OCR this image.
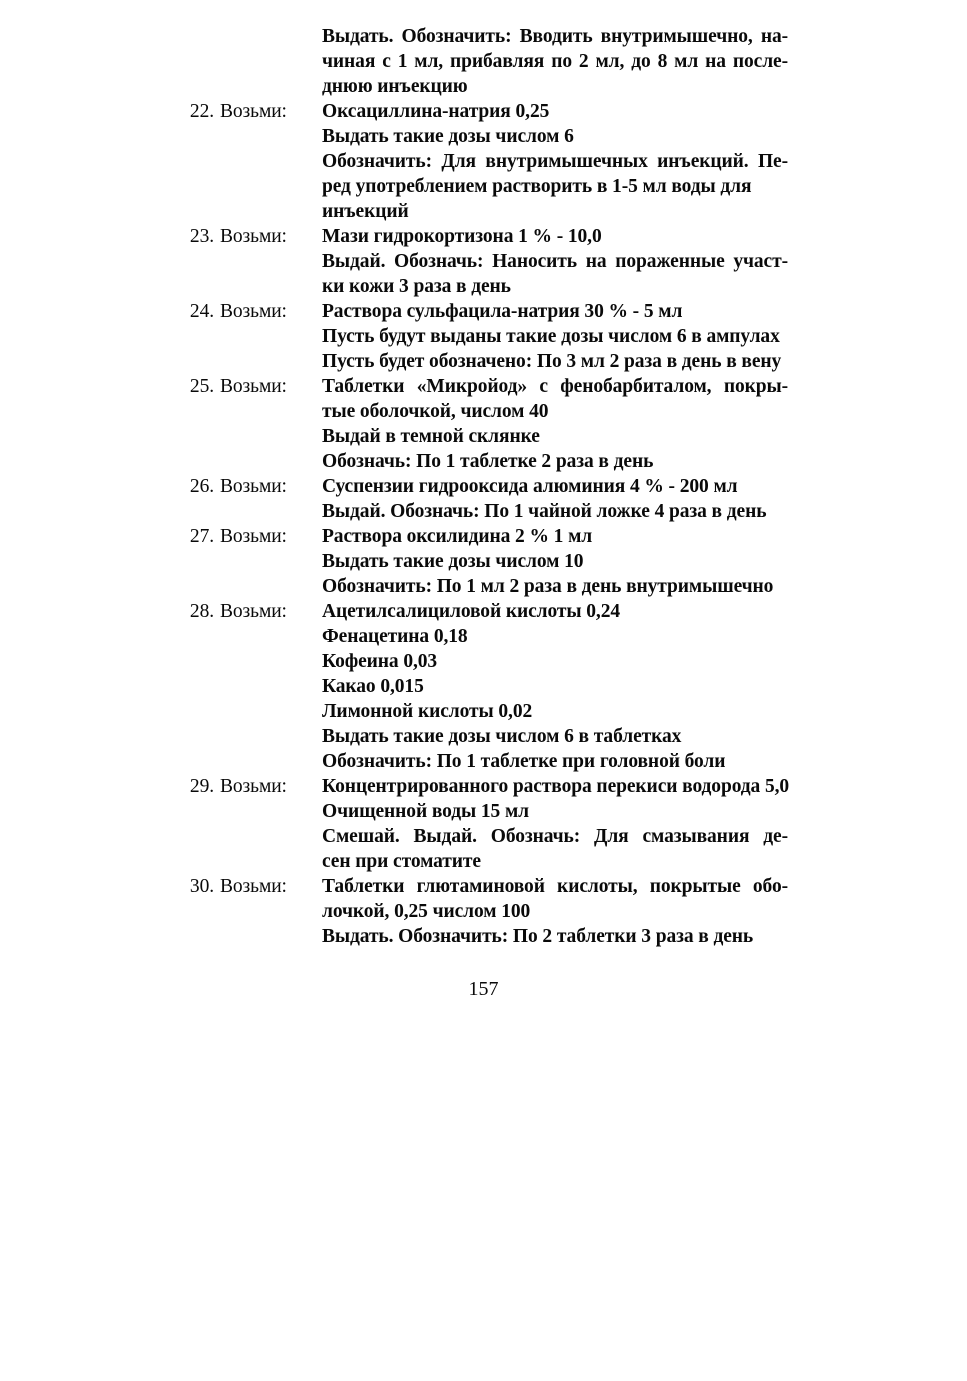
Выдать. Обозначить: Вводить внутримышечно, на-
чиная с 1 мл, прибавляя по 2 мл, до 8 мл на после-
днюю инъекцию
22. Возьми:	Оксациллина-натрия 0,25
Выдать такие дозы числом 6
Обозначить: Для внутримышечных инъекций. Пе-
ред употреблением растворить в 1-5 мл воды для
инъекций
23. Возьми:	Мази гидрокортизона 1 % - 10,0
Выдай. Обозначь: Наносить на пораженные участ-
ки кожи 3 раза в день
24. Возьми:	Раствора сульфацила-натрия 30 % - 5 мл
Пусть будут выданы такие дозы числом 6 в ампулах
Пусть будет обозначено: По 3 мл 2 раза в день в вену
25. Возьми:	Таблетки «Микройод» с фенобарбиталом, покры-
тые оболочкой, числом 40
Выдай в темной склянке
Обозначь: По 1 таблетке 2 раза в день
26. Возьми:	Суспензии гидрооксида алюминия 4 % - 200 мл
Выдай. Обозначь: По 1 чайной ложке 4 раза в день
27. Возьми:	Раствора оксилидина 2 % 1 мл
Выдать такие дозы числом 10
Обозначить: По 1 мл 2 раза в день внутримышечно
28. Возьми:	Ацетилсалициловой кислоты 0,24
Фенацетина 0,18
Кофеина 0,03
Какао 0,015
Лимонной кислоты 0,02
Выдать такие дозы числом 6 в таблетках
Обозначить: По 1 таблетке при головной боли
29. Возьми:	Концентрированного раствора перекиси водорода 5,0
Очищенной воды 15 мл
Смешай. Выдай. Обозначь: Для смазывания де-
сен при стоматите
30. Возьми:	Таблетки глютаминовой кислоты, покрытые обо-
лочкой, 0,25 числом 100
Выдать. Обозначить: По 2 таблетки 3 раза в день
157
